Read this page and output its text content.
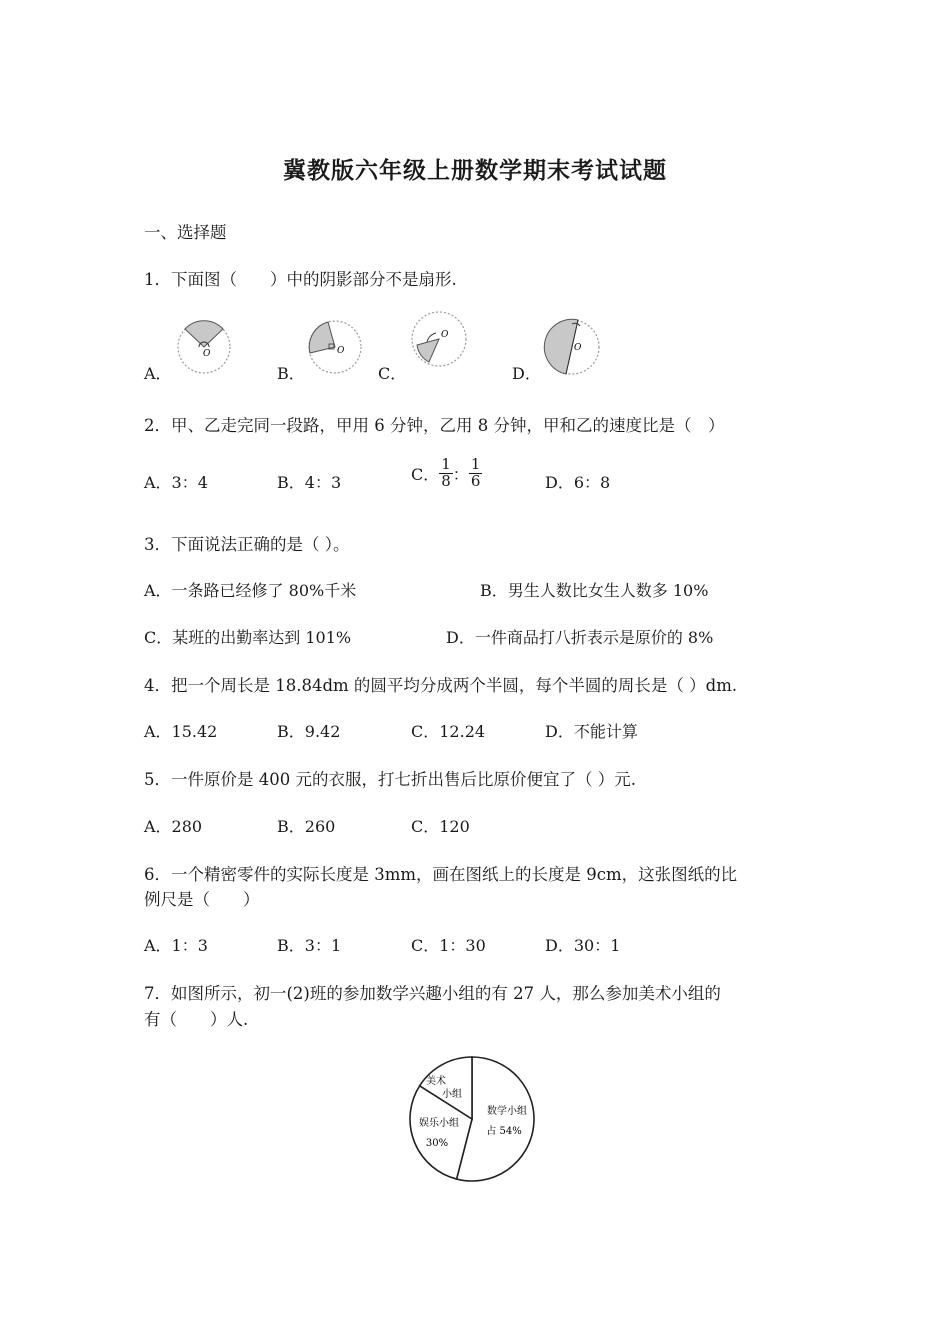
冀教版六年级上册数学期末考试试题
一、选择题
1．下面图（　　）中的阴影部分不是扇形.
O	O
O
O
A．	B．	C．	D．
2．甲、乙走完同一段路，甲用 6 分钟，乙用 8 分钟，甲和乙的速度比是（　）
A．3：4	B．4：3	C． $\frac{1}{8}$ ： $\frac{1}{6}$	D．6：8
3．下面说法正确的是（ ）。
A．一条路已经修了 80%千米	B．男生人数比女生人数多 10%
C．某班的出勤率达到 101%	D．一件商品打八折表示是原价的 8%
4．把一个周长是 18.84dm 的圆平均分成两个半圆，每个半圆的周长是（ ）dm.
A．15.42	B．9.42	C．12.24	D．不能计算
5．一件原价是 400 元的衣服，打七折出售后比原价便宜了（ ）元.
A．280	B．260	C．120
6．一个精密零件的实际长度是 3mm，画在图纸上的长度是 9cm，这张图纸的比
例尺是（　　）
A．1：3	B．3：1	C．1：30	D．30：1
7．如图所示，初一(2)班的参加数学兴趣小组的有 27 人，那么参加美术小组的
有（　　）人.
美术
小组
娱乐小组
30%
数学小组
占 54%
